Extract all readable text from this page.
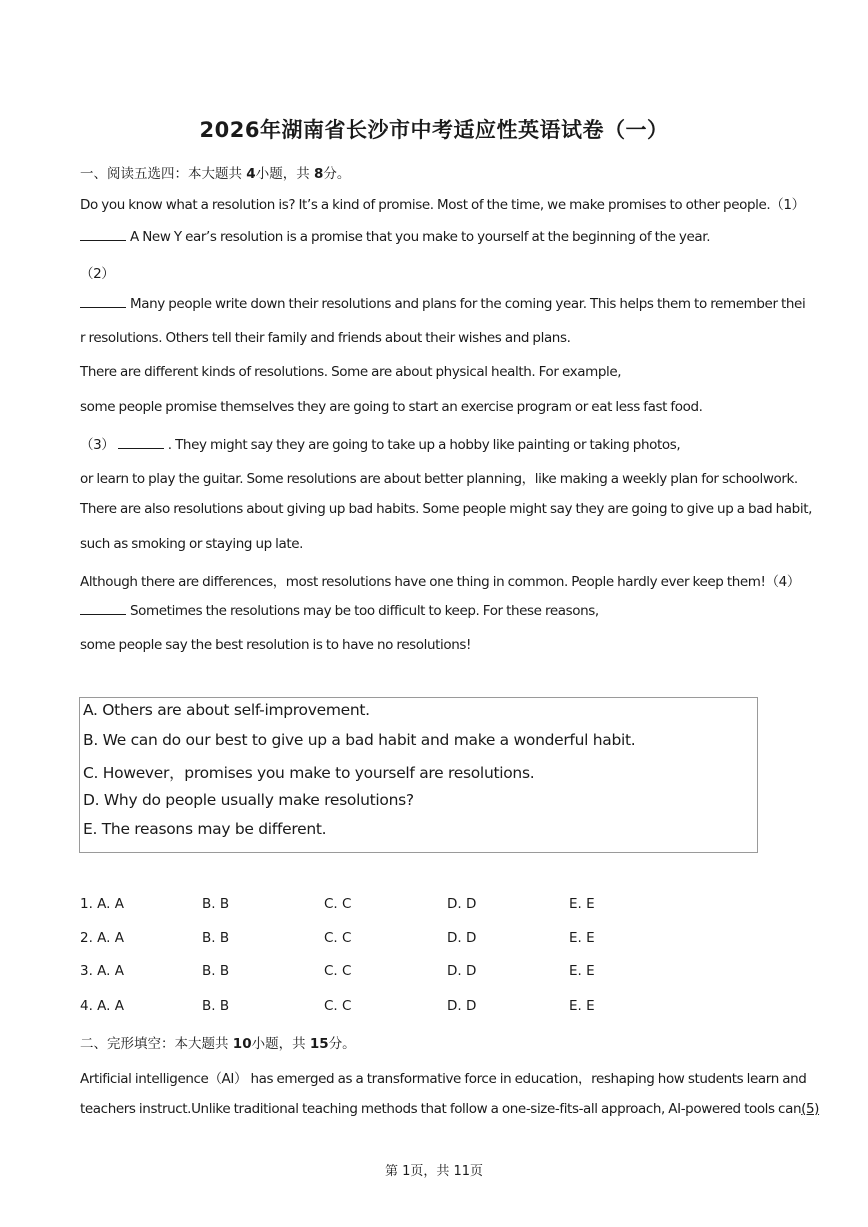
2026年湖南省长沙市中考适应性英语试卷（一）
一、阅读五选四：本大题共 4小题，共 8分。
Do you know what a resolution is? It’s a kind of promise. Most of the time, we make promises to other people.（1）
A New Y ear’s resolution is a promise that you make to yourself at the beginning of the year.
（2）
Many people write down their resolutions and plans for the coming year. This helps them to remember thei
r resolutions. Others tell their family and friends about their wishes and plans.
There are different kinds of resolutions. Some are about physical health. For example,
some people promise themselves they are going to start an exercise program or eat less fast food.
（3）	. They might say they are going to take up a hobby like painting or taking photos,
or learn to play the guitar. Some resolutions are about better planning，like making a weekly plan for schoolwork.
There are also resolutions about giving up bad habits. Some people might say they are going to give up a bad habit,
such as smoking or staying up late.
Although there are differences，most resolutions have one thing in common. People hardly ever keep them!（4）
Sometimes the resolutions may be too difficult to keep. For these reasons,
some people say the best resolution is to have no resolutions!
A. Others are about self-improvement.
B. We can do our best to give up a bad habit and make a wonderful habit.
C. However，promises you make to yourself are resolutions.
D. Why do people usually make resolutions?
E. The reasons may be different.
1. A. A	B. B	C. C	D. D	E. E
2. A. A	B. B	C. C	D. D	E. E
3. A. A	B. B	C. C	D. D	E. E
4. A. A	B. B	C. C	D. D	E. E
二、完形填空：本大题共 10小题，共 15分。
Artificial intelligence（AI） has emerged as a transformative force in education，reshaping how students learn and
teachers instruct.Unlike traditional teaching methods that follow a one-size-fits-all approach, AI-powered tools can(5)
第 1页，共 11页
